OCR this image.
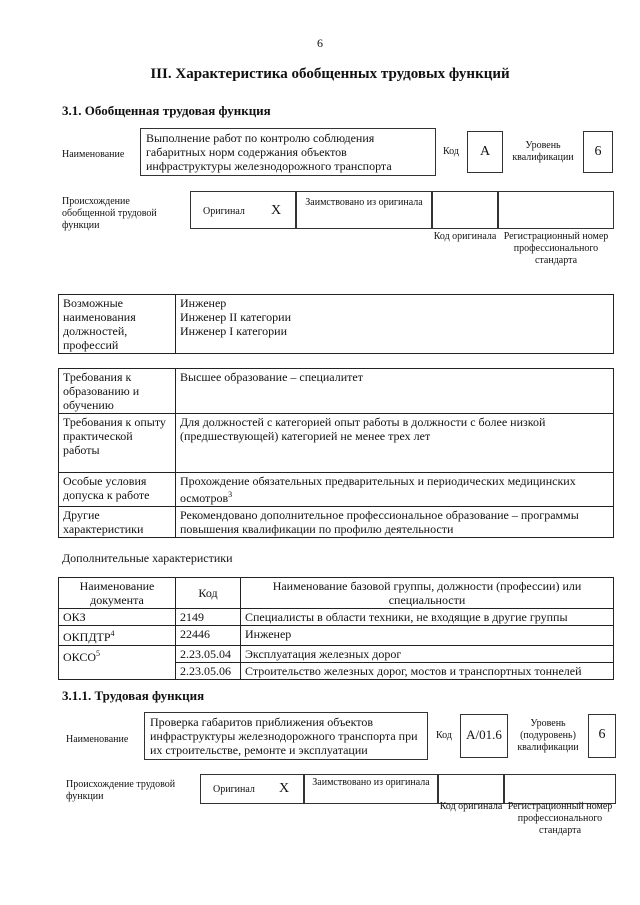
6
III. Характеристика обобщенных трудовых функций
3.1. Обобщенная трудовая функция
Наименование
Выполнение работ по контролю соблюдения габаритных норм содержания объектов инфраструктуры железнодорожного транспорта
Код	A	Уровень квалификации	6
Происхождение обобщенной трудовой функции
Оригинал X
Заимствовано из оригинала
Код оригинала Регистрационный номер профессионального стандарта
Возможные наименования должностей, профессий	
Инженер
Инженер II категории
Инженер I категории
Требования к образованию и обучению	Высшее образование – специалитет
Требования к опыту практической работы	Для должностей с категорией опыт работы в должности с более низкой (предшествующей) категорией не менее трех лет
Особые условия допуска к работе	Прохождение обязательных предварительных и периодических медицинских осмотров$^3$
Другие характеристики	Рекомендовано дополнительное профессиональное образование – программы повышения квалификации по профилю деятельности
Дополнительные характеристики
Наименование документа	Код	Наименование базовой группы, должности (профессии) или специальности
ОКЗ	2149	Специалисты в области техники, не входящие в другие группы
ОКПДТР$^4$	22446	Инженер
ОКСО$^5$	2.23.05.04	Эксплуатация железных дорог
	2.23.05.06	Строительство железных дорог, мостов и транспортных тоннелей
3.1.1. Трудовая функция
Наименование
Проверка габаритов приближения объектов инфраструктуры железнодорожного транспорта при их строительстве, ремонте и эксплуатации
Код	A/01.6
Уровень (подуровень) квалификации
6
Происхождение трудовой функции
Оригинал X	Заимствовано из оригинала
Код оригинала Регистрационный номер профессионального стандарта
